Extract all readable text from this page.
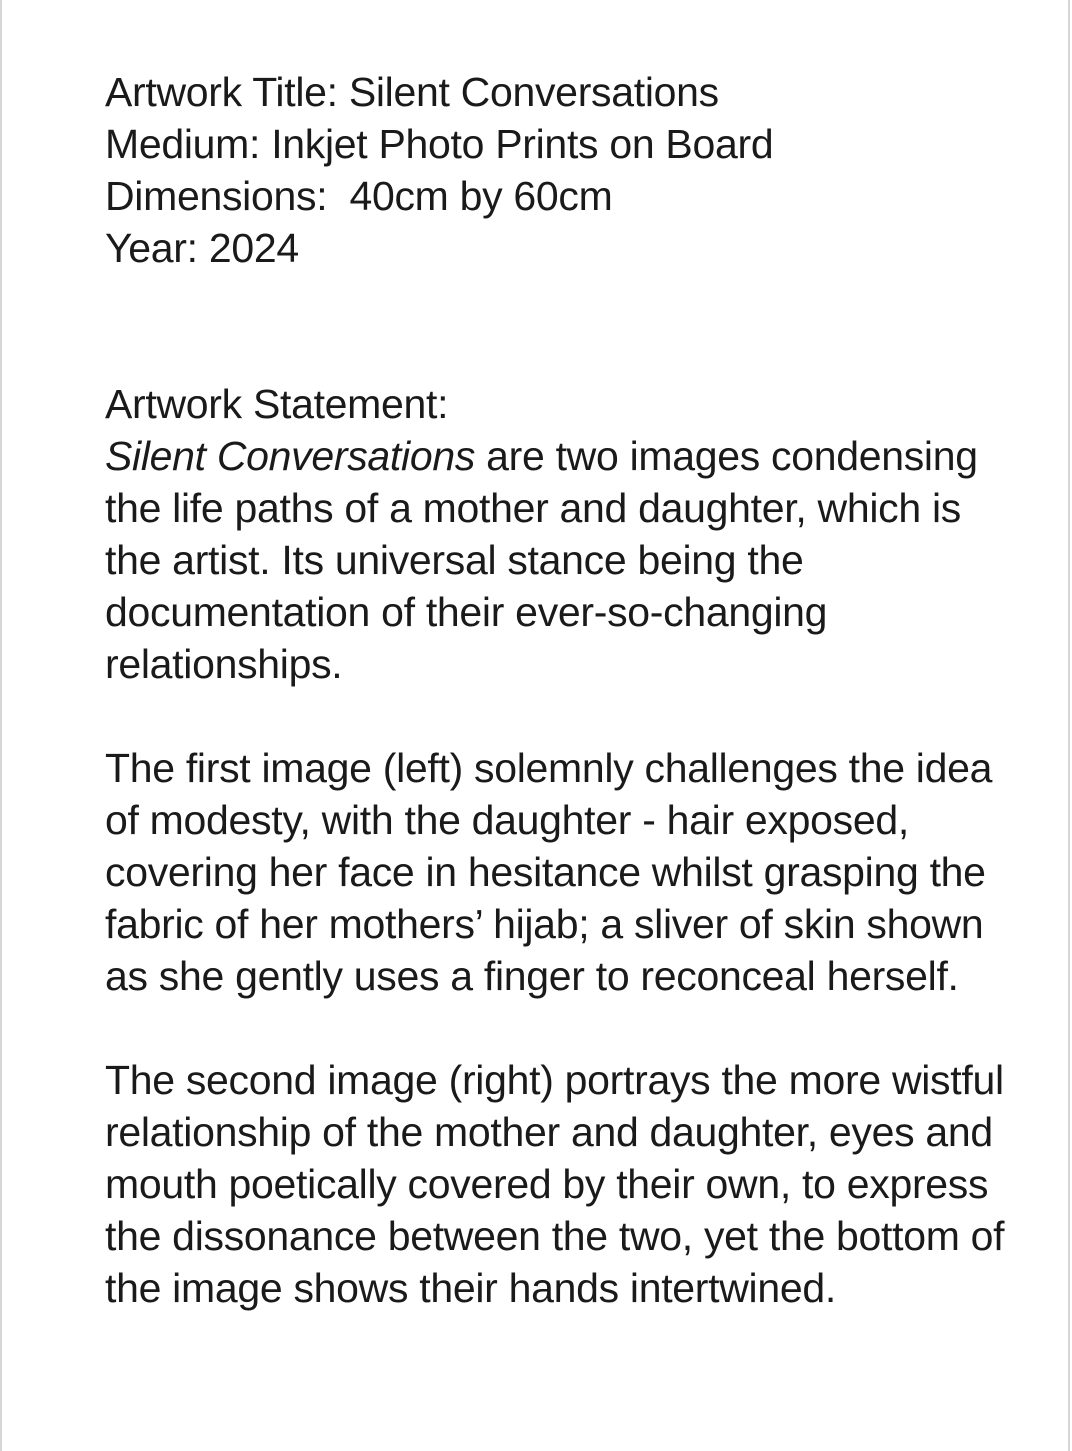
Artwork Title: Silent Conversations
Medium: Inkjet Photo Prints on Board
Dimensions:  40cm by 60cm
Year: 2024
Artwork Statement:

Silent Conversations are two images condensing the life paths of a mother and daughter, which is the artist. Its universal stance being the documentation of their ever-so-changing relationships.

The first image (left) solemnly challenges the idea of modesty, with the daughter - hair exposed, covering her face in hesitance whilst grasping the fabric of her mothers’ hijab; a sliver of skin shown as she gently uses a finger to reconceal herself.

The second image (right) portrays the more wistful relationship of the mother and daughter, eyes and mouth poetically covered by their own, to express the dissonance between the two, yet the bottom of the image shows their hands intertwined.
